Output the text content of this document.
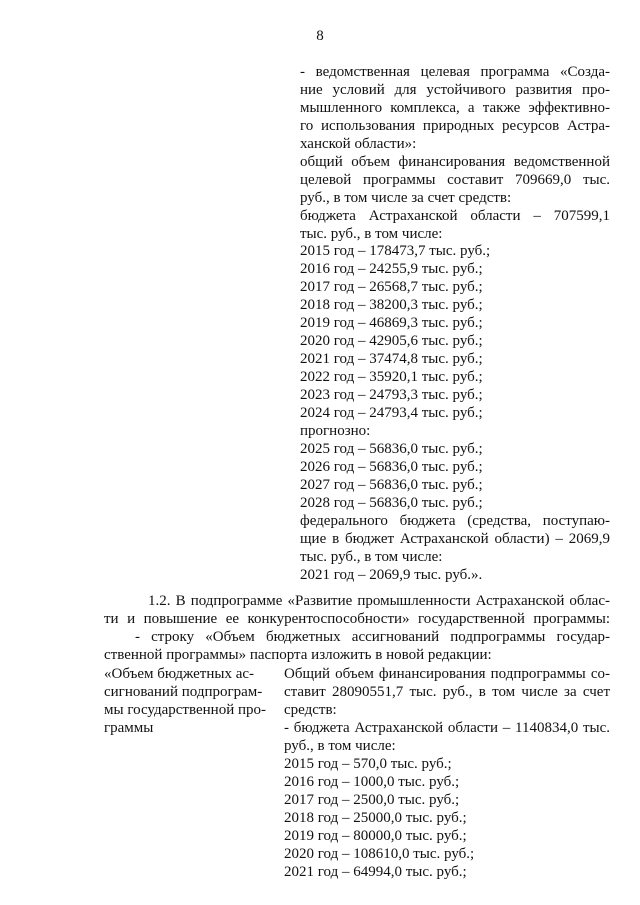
8
- ведомственная целевая программа «Созда-
ние условий для устойчивого развития про-
мышленного комплекса, а также эффективно-
го использования природных ресурсов Астра-
ханской области»:
общий объем финансирования ведомственной
целевой программы составит 709669,0 тыс.
руб., в том числе за счет средств:
бюджета Астраханской области – 707599,1
тыс. руб., в том числе:
2015 год – 178473,7 тыс. руб.;
2016 год – 24255,9 тыс. руб.;
2017 год – 26568,7 тыс. руб.;
2018 год – 38200,3 тыс. руб.;
2019 год – 46869,3 тыс. руб.;
2020 год – 42905,6 тыс. руб.;
2021 год – 37474,8 тыс. руб.;
2022 год – 35920,1 тыс. руб.;
2023 год – 24793,3 тыс. руб.;
2024 год – 24793,4 тыс. руб.;
прогнозно:
2025 год – 56836,0 тыс. руб.;
2026 год – 56836,0 тыс. руб.;
2027 год – 56836,0 тыс. руб.;
2028 год – 56836,0 тыс. руб.;
федерального бюджета (средства, поступаю-
щие в бюджет Астраханской области) – 2069,9
тыс. руб., в том числе:
2021 год – 2069,9 тыс. руб.».
1.2. В подпрограмме «Развитие промышленности Астраханской облас-
ти и повышение ее конкурентоспособности» государственной программы:
- строку «Объем бюджетных ассигнований подпрограммы государ-
ственной программы» паспорта изложить в новой редакции:
«Объем бюджетных ас-
сигнований подпрограм-
мы государственной про-
граммы
Общий объем финансирования подпрограммы со-
ставит 28090551,7 тыс. руб., в том числе за счет
средств:
- бюджета Астраханской области – 1140834,0 тыс.
руб., в том числе:
2015 год – 570,0 тыс. руб.;
2016 год – 1000,0 тыс. руб.;
2017 год – 2500,0 тыс. руб.;
2018 год – 25000,0 тыс. руб.;
2019 год – 80000,0 тыс. руб.;
2020 год – 108610,0 тыс. руб.;
2021 год – 64994,0 тыс. руб.;
